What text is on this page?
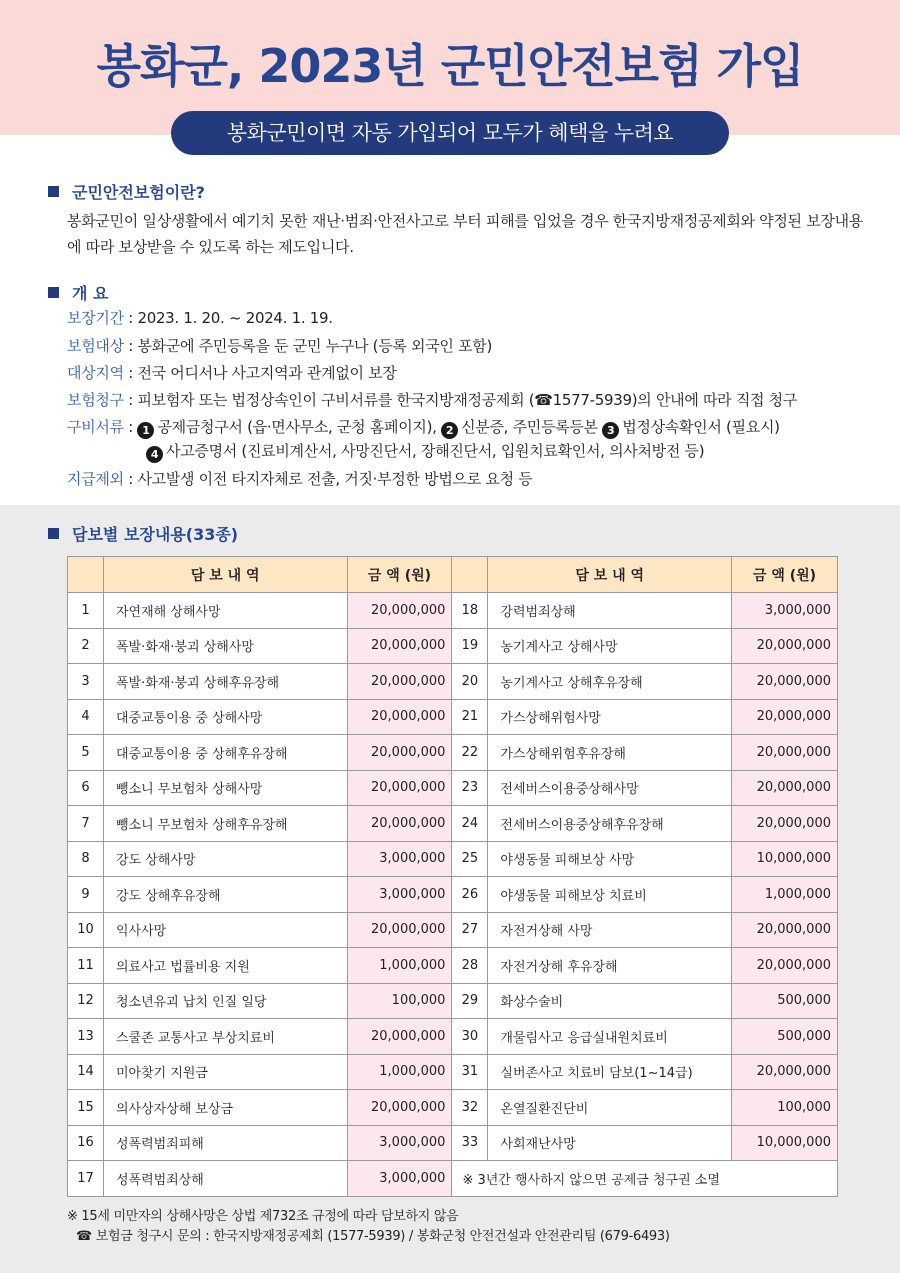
봉화군, 2023년 군민안전보험 가입
봉화군민이면 자동 가입되어 모두가 혜택을 누려요
군민안전보험이란?
봉화군민이 일상생활에서 예기치 못한 재난·범죄·안전사고로 부터 피해를 입었을 경우 한국지방재정공제회와 약정된 보장내용에 따라 보상받을 수 있도록 하는 제도입니다.
개 요
보장기간 : 2023. 1. 20. ~ 2024. 1. 19.
보험대상 : 봉화군에 주민등록을 둔 군민 누구나 (등록 외국인 포함)
대상지역 : 전국 어디서나 사고지역과 관계없이 보장
보험청구 : 피보험자 또는 법정상속인이 구비서류를 한국지방재정공제회 (☎1577-5939)의 안내에 따라 직접 청구
구비서류 : 1 공제금청구서 (읍·면사무소, 군청 홈페이지), 2 신분증, 주민등록등본 3 법정상속확인서 (필요시)
4 사고증명서 (진료비계산서, 사망진단서, 장해진단서, 입원치료확인서, 의사처방전 등)
지급제외 : 사고발생 이전 타지자체로 전출, 거짓·부정한 방법으로 요청 등
담보별 보장내용(33종)
	담 보 내 역	금 액 (원)		담 보 내 역	금 액 (원)
1	자연재해 상해사망	20,000,000	18	강력범죄상해	3,000,000
2	폭발·화재·붕괴 상해사망	20,000,000	19	농기계사고 상해사망	20,000,000
3	폭발·화재·붕괴 상해후유장해	20,000,000	20	농기계사고 상해후유장해	20,000,000
4	대중교통이용 중 상해사망	20,000,000	21	가스상해위험사망	20,000,000
5	대중교통이용 중 상해후유장해	20,000,000	22	가스상해위험후유장해	20,000,000
6	뺑소니 무보험차 상해사망	20,000,000	23	전세버스이용중상해사망	20,000,000
7	뺑소니 무보험차 상해후유장해	20,000,000	24	전세버스이용중상해후유장해	20,000,000
8	강도 상해사망	3,000,000	25	야생동물 피해보상 사망	10,000,000
9	강도 상해후유장해	3,000,000	26	야생동물 피해보상 치료비	1,000,000
10	익사사망	20,000,000	27	자전거상해 사망	20,000,000
11	의료사고 법률비용 지원	1,000,000	28	자전거상해 후유장해	20,000,000
12	청소년유괴 납치 인질 일당	100,000	29	화상수술비	500,000
13	스쿨존 교통사고 부상치료비	20,000,000	30	개물림사고 응급실내원치료비	500,000
14	미아찾기 지원금	1,000,000	31	실버존사고 치료비 담보(1~14급)	20,000,000
15	의사상자상해 보상금	20,000,000	32	온열질환진단비	100,000
16	성폭력범죄피해	3,000,000	33	사회재난사망	10,000,000
17	성폭력범죄상해	3,000,000	※ 3년간 행사하지 않으면 공제금 청구권 소멸		
※ 15세 미만자의 상해사망은 상법 제732조 규정에 따라 담보하지 않음
☎ 보험금 청구시 문의 : 한국지방재정공제회 (1577-5939) / 봉화군청 안전건설과 안전관리팀 (679-6493)
